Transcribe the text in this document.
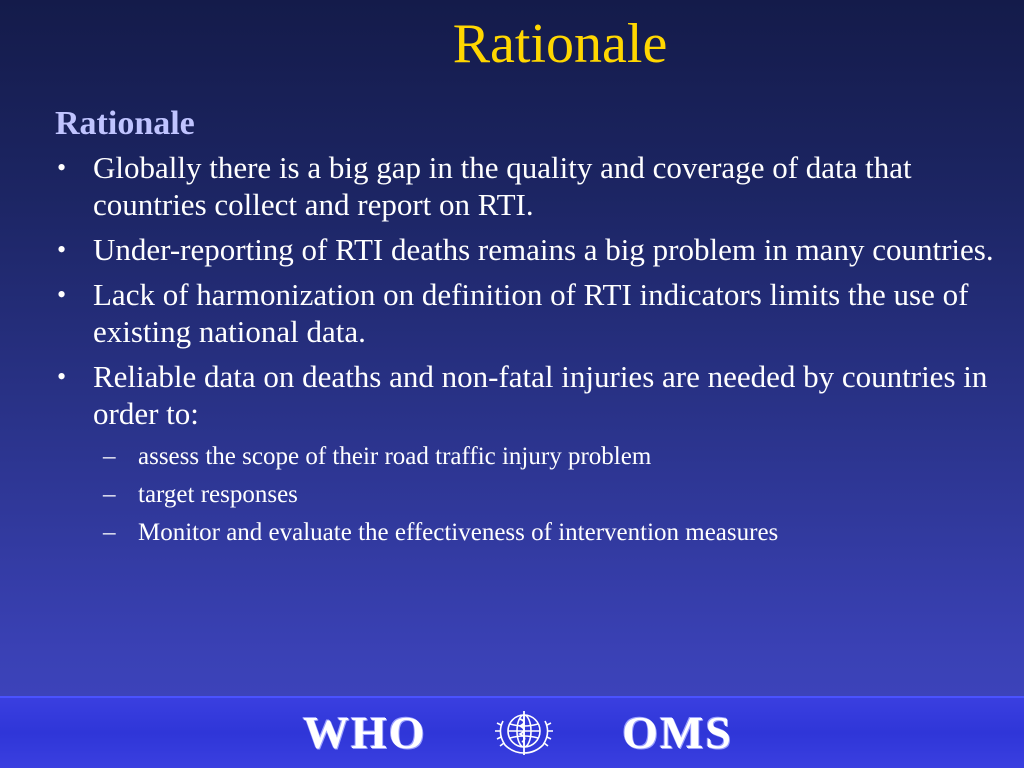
Rationale
Rationale
• Globally there is a big gap in the quality and coverage of data that countries collect and report on RTI.
• Under-reporting of RTI deaths remains a big problem in many countries.
• Lack of harmonization on definition of RTI indicators limits the use of existing national data.
• Reliable data on deaths and non-fatal injuries are needed by countries in order to:
– assess the scope of their road traffic injury problem
– target responses
– Monitor and evaluate the effectiveness of intervention measures
WHO	OMS
